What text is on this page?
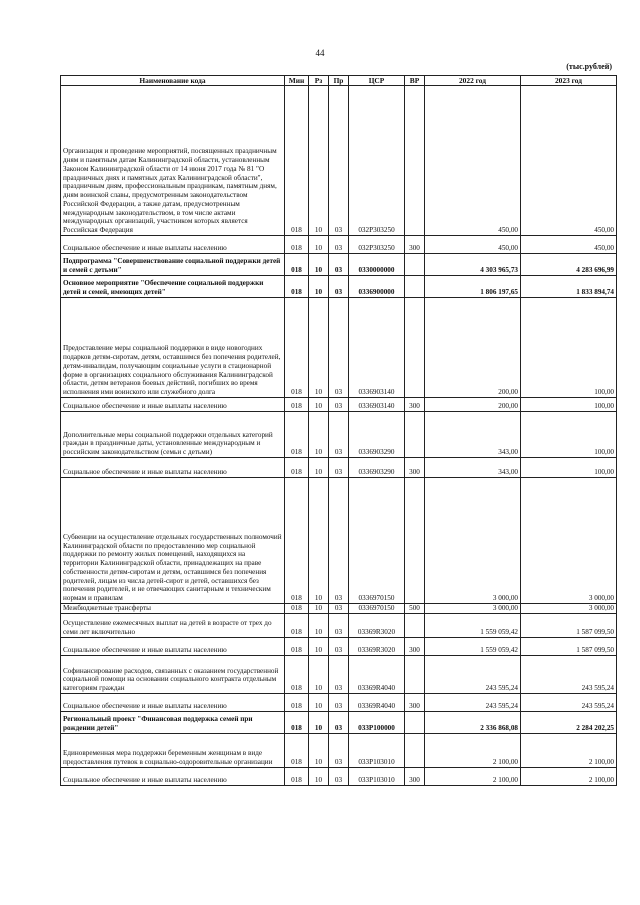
44
(тыс.рублей)
Наименование кода	Мин	Рз	Пр	ЦСР	ВР	2022 год	2023 год
Организация и проведение мероприятий, посвященных праздничным дням и памятным датам Калининградской области, установленным Законом Калининградской области от 14 июня 2017 года № 81 "О праздничных днях и памятных датах Калининградской области", праздничным дням, профессиональным праздникам, памятным дням, дням воинской славы, предусмотренным законодательством Российской Федерации, а также датам, предусмотренным международным законодательством, в том числе актами международных организаций, участником которых является Российская Федерация	018	10	03	032P303250		450,00	450,00
Социальное обеспечение и иные выплаты населению	018	10	03	032P303250	300	450,00	450,00
Подпрограмма "Совершенствование социальной поддержки детей и семей с детьми"	018	10	03	0330000000		4 303 965,73	4 283 696,99
Основное мероприятие "Обеспечение социальной поддержки детей и семей, имеющих детей"	018	10	03	0336900000		1 806 197,65	1 833 894,74
Предоставление меры социальной поддержки в виде новогодних подарков детям-сиротам, детям, оставшимся без попечения родителей, детям-инвалидам, получающим социальные услуги в стационарной форме в организациях социального обслуживания Калининградской области, детям ветеранов боевых действий, погибших во время исполнения ими воинского или служебного долга	018	10	03	0336903140		200,00	100,00
Социальное обеспечение и иные выплаты населению	018	10	03	0336903140	300	200,00	100,00
Дополнительные меры социальной поддержки отдельных категорий граждан в праздничные даты, установленные международным и российским законодательством (семьи с детьми)	018	10	03	0336903290		343,00	100,00
Социальное обеспечение и иные выплаты населению	018	10	03	0336903290	300	343,00	100,00
Субвенции на осуществление отдельных государственных полномочий Калининградской области по предоставлению мер социальной поддержки по ремонту жилых помещений, находящихся на территории Калининградской области, принадлежащих на праве собственности детям-сиротам и детям, оставшимся без попечения родителей, лицам из числа детей-сирот и детей, оставшихся без попечения родителей, и не отвечающих санитарным и техническим нормам и правилам	018	10	03	0336970150		3 000,00	3 000,00
Межбюджетные трансферты	018	10	03	0336970150	500	3 000,00	3 000,00
Осуществление ежемесячных выплат на детей в возрасте от трех до семи лет включительно	018	10	03	03369R3020		1 559 059,42	1 587 099,50
Социальное обеспечение и иные выплаты населению	018	10	03	03369R3020	300	1 559 059,42	1 587 099,50
Софинансирование расходов, связанных с оказанием государственной социальной помощи на основании социального контракта отдельным категориям граждан	018	10	03	03369R4040		243 595,24	243 595,24
Социальное обеспечение и иные выплаты населению	018	10	03	03369R4040	300	243 595,24	243 595,24
Региональный проект "Финансовая поддержка семей при рождении детей"	018	10	03	033P100000		2 336 868,08	2 284 202,25
Единовременная мера поддержки беременным женщинам в виде предоставления путевок в социально-оздоровительные организации	018	10	03	033P103010		2 100,00	2 100,00
Социальное обеспечение и иные выплаты населению	018	10	03	033P103010	300	2 100,00	2 100,00
